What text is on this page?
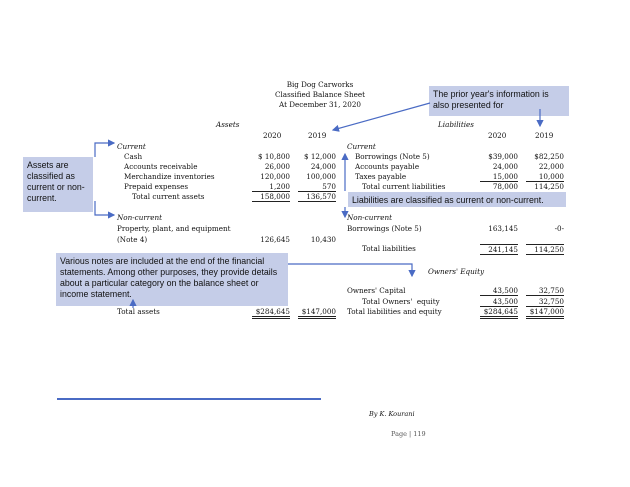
Big Dog Carworks
Classified Balance Sheet
At December 31, 2020
Assets
2020	2019
Current
Cash	$ 10,800	$ 12,000
Accounts receivable	26,000	24,000
Merchandize inventories	120,000	100,000
Prepaid expenses	1,200	570
Total current assets	158,000	136,570
Non-current
Property, plant, and equipment
(Note 4)	126,645	10,430
Total assets	$284,645	$147,000
Liabilities
2020	2019
Current
Borrowings (Note 5)	$39,000	$82,250
Accounts payable	24,000	22,000
Taxes payable	15,000	10,000
Total current liabilities	78,000	114,250
Non-current
Borrowings (Note 5)	163,145	-0-
Total liabilities	241,145	114,250
Owners' Equity
Owners' Capital	43,500	32,750
Total Owners'  equity	43,500	32,750
Total liabilities and equity	$284,645	$147,000
The prior year's information is also presented for
Assets are classified as current or non-current.	Liabilities are classified as current or non-current.
Various notes are included at the end of the financial statements. Among other purposes, they provide details about a particular category on the balance sheet or income statement.
By K. Kourani
Page | 119
